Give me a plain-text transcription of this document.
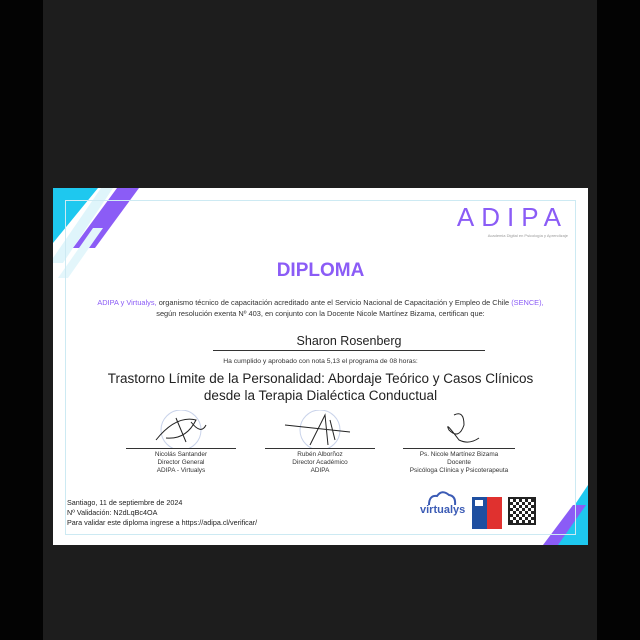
ADIPA
Academia Digital en Psicología y Aprendizaje
DIPLOMA
ADIPA y Virtualys, organismo técnico de capacitación acreditado ante el Servicio Nacional de Capacitación y Empleo de Chile (SENCE), según resolución exenta Nº 403, en conjunto con la Docente Nicole Martínez Bizama, certifican que:
Sharon Rosenberg
Ha cumplido y aprobado con nota 5,13 el programa de 08 horas:
Trastorno Límite de la Personalidad: Abordaje Teórico y Casos Clínicos desde la Terapia Dialéctica Conductual
Nicolás Santander
Director General
ADIPA - Virtualys
Rubén Alborñoz
Director Académico
ADIPA
Ps. Nicole Martínez Bizama
Docente
Psicóloga Clínica y Psicoterapeuta
Santiago, 11 de septiembre de 2024
Nº Validación: N2dLqBc4OA
Para validar este diploma ingrese a https://adipa.cl/verificar/
virtualys
